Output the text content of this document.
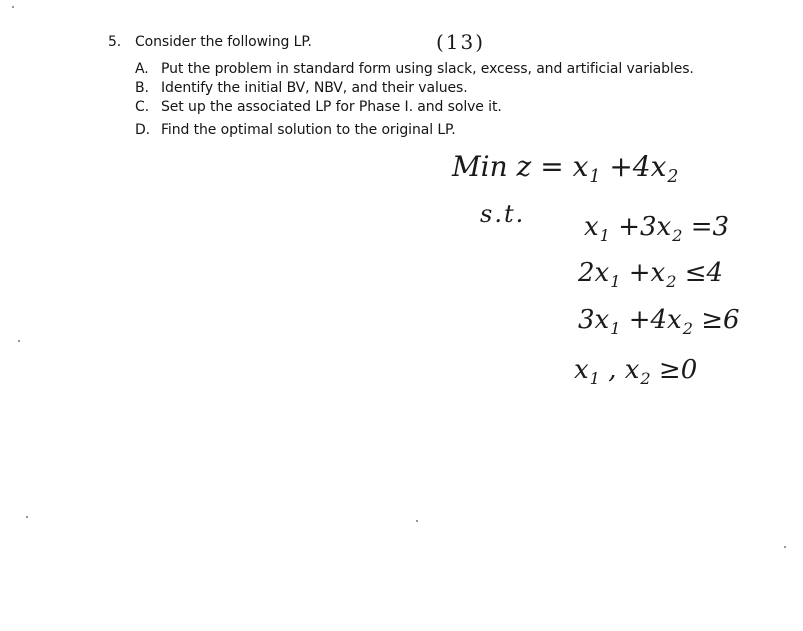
5. Consider the following LP.	(13)
A. Put the problem in standard form using slack, excess, and artificial variables.
B. Identify the initial BV, NBV, and their values.
C. Set up the associated LP for Phase I. and solve it.
D. Find the optimal solution to the original LP.
Min $z = x_1 +4x_2$
s.t. $x_1 +3x_2 =3$
$2x_1 +x_2 \le 4$
$3x_1 +4x_2 \ge 6$
$x_1$ , $x_2 \ge 0$
